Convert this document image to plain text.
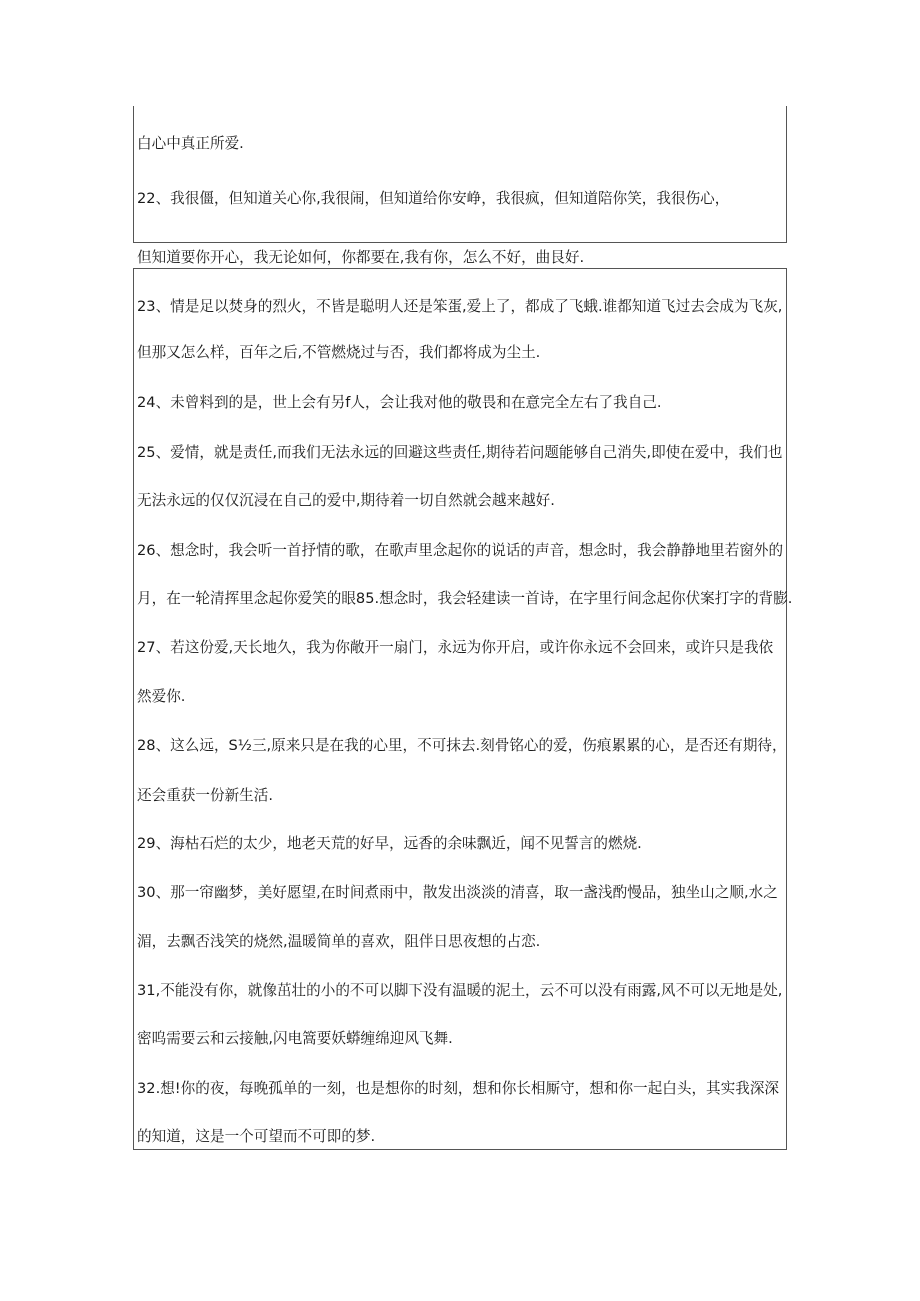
白心中真正所爱.
22、我很僵，但知道关心你,我很闹，但知道给你安峥，我很疯，但知道陪你笑，我很伤心，
但知道要你开心，我无论如何，你都要在,我有你，怎么不好，曲艮好.
23、情是足以焚身的烈火，不皆是聪明人还是笨蛋,爱上了，都成了飞蛾.谁都知道飞过去会成为飞灰,
但那又怎么样，百年之后,不管燃烧过与否，我们都将成为尘土.
24、未曾料到的是，世上会有另f人，会让我对他的敬畏和在意完全左右了我自己.
25、爱情，就是责任,而我们无法永远的回避这些责任,期待若问题能够自己消失,即使在爱中，我们也
无法永远的仅仅沉浸在自己的爱中,期待着一切自然就会越来越好.
26、想念时，我会听一首抒情的歌，在歌声里念起你的说话的声音，想念时，我会静静地里若窗外的
月，在一轮清挥里念起你爱笑的眼85.想念时，我会轻建读一首诗，在字里行间念起你伏案打字的背膨.
27、若这份爱,天长地久，我为你敞开一扇门，永远为你开启，或许你永远不会回来，或许只是我依
然爱你.
28、这么远，S½三,原来只是在我的心里，不可抹去.刻骨铭心的爱，伤痕累累的心，是否还有期待，
还会重获一份新生活.
29、海枯石烂的太少，地老天荒的好早，远香的余味飘近，闻不见誓言的燃烧.
30、那一帘幽梦，美好愿望,在时间煮雨中，散发出淡淡的清喜，取一盏浅酌慢品，独坐山之顺,水之
湄，去飘否浅笑的烧然,温暖简单的喜欢，阻伴日思夜想的占恋.
31,不能没有你，就像茁壮的小的不可以脚下没有温暖的泥土，云不可以没有雨露,风不可以无地是处,
密呜需要云和云接触,闪电篙要妖蟒缠绵迎风飞舞.
32.想!你的夜，每晚孤单的一刻，也是想你的时刻，想和你长相厮守，想和你一起白头，其实我深深
的知道，这是一个可望而不可即的梦.
